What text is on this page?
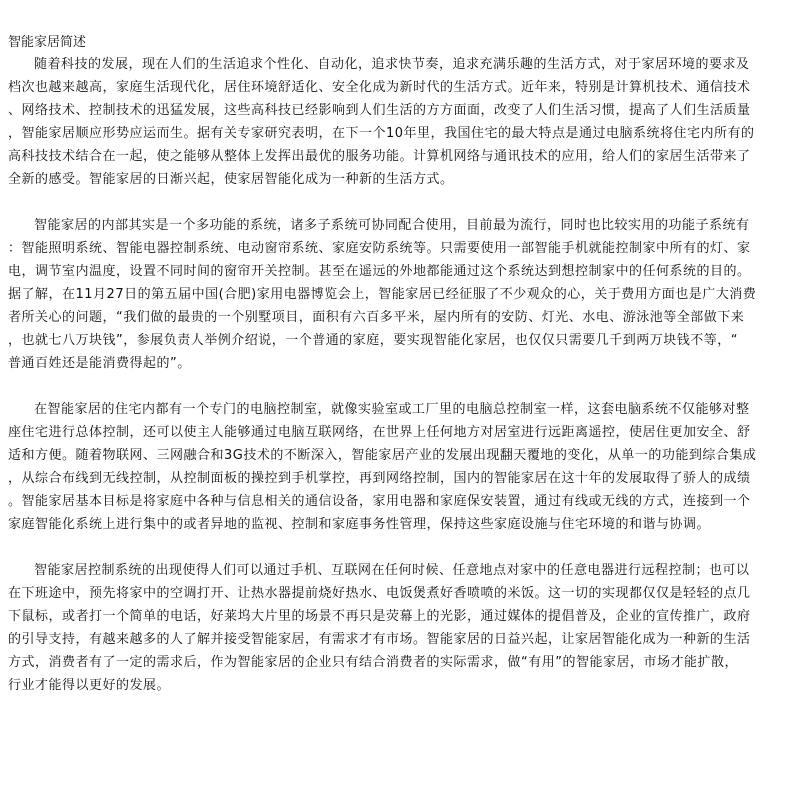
智能家居简述
随着科技的发展，现在人们的生活追求个性化、自动化，追求快节奏，追求充满乐趣的生活方式，对于家居环境的要求及
档次也越来越高，家庭生活现代化，居住环境舒适化、安全化成为新时代的生活方式。近年来，特别是计算机技术、通信技术
、网络技术、控制技术的迅猛发展，这些高科技已经影响到人们生活的方方面面，改变了人们生活习惯，提高了人们生活质量
，智能家居顺应形势应运而生。据有关专家研究表明，在下一个10年里，我国住宅的最大特点是通过电脑系统将住宅内所有的
高科技技术结合在一起，使之能够从整体上发挥出最优的服务功能。计算机网络与通讯技术的应用，给人们的家居生活带来了
全新的感受。智能家居的日渐兴起，使家居智能化成为一种新的生活方式。
智能家居的内部其实是一个多功能的系统，诸多子系统可协同配合使用，目前最为流行，同时也比较实用的功能子系统有
：智能照明系统、智能电器控制系统、电动窗帘系统、家庭安防系统等。只需要使用一部智能手机就能控制家中所有的灯、家
电，调节室内温度，设置不同时间的窗帘开关控制。甚至在遥远的外地都能通过这个系统达到想控制家中的任何系统的目的。
据了解，在11月27日的第五届中国(合肥)家用电器博览会上，智能家居已经征服了不少观众的心，关于费用方面也是广大消费
者所关心的问题，“我们做的最贵的一个别墅项目，面积有六百多平米，屋内所有的安防、灯光、水电、游泳池等全部做下来
，也就七八万块钱”，参展负责人举例介绍说，一个普通的家庭，要实现智能化家居，也仅仅只需要几千到两万块钱不等，“
普通百姓还是能消费得起的”。
在智能家居的住宅内都有一个专门的电脑控制室，就像实验室或工厂里的电脑总控制室一样，这套电脑系统不仅能够对整
座住宅进行总体控制，还可以使主人能够通过电脑互联网络，在世界上任何地方对居室进行远距离遥控，使居住更加安全、舒
适和方便。随着物联网、三网融合和3G技术的不断深入，智能家居产业的发展出现翻天覆地的变化，从单一的功能到综合集成
，从综合布线到无线控制，从控制面板的操控到手机掌控，再到网络控制，国内的智能家居在这十年的发展取得了骄人的成绩
。智能家居基本目标是将家庭中各种与信息相关的通信设备，家用电器和家庭保安装置，通过有线或无线的方式，连接到一个
家庭智能化系统上进行集中的或者异地的监视、控制和家庭事务性管理，保持这些家庭设施与住宅环境的和谐与协调。
智能家居控制系统的出现使得人们可以通过手机、互联网在任何时候、任意地点对家中的任意电器进行远程控制；也可以
在下班途中，预先将家中的空调打开、让热水器提前烧好热水、电饭煲煮好香喷喷的米饭。这一切的实现都仅仅是轻轻的点几
下鼠标，或者打一个简单的电话，好莱坞大片里的场景不再只是荧幕上的光影，通过媒体的提倡普及，企业的宣传推广，政府
的引导支持，有越来越多的人了解并接受智能家居，有需求才有市场。智能家居的日益兴起，让家居智能化成为一种新的生活
方式，消费者有了一定的需求后，作为智能家居的企业只有结合消费者的实际需求，做“有用”的智能家居，市场才能扩散，
行业才能得以更好的发展。
